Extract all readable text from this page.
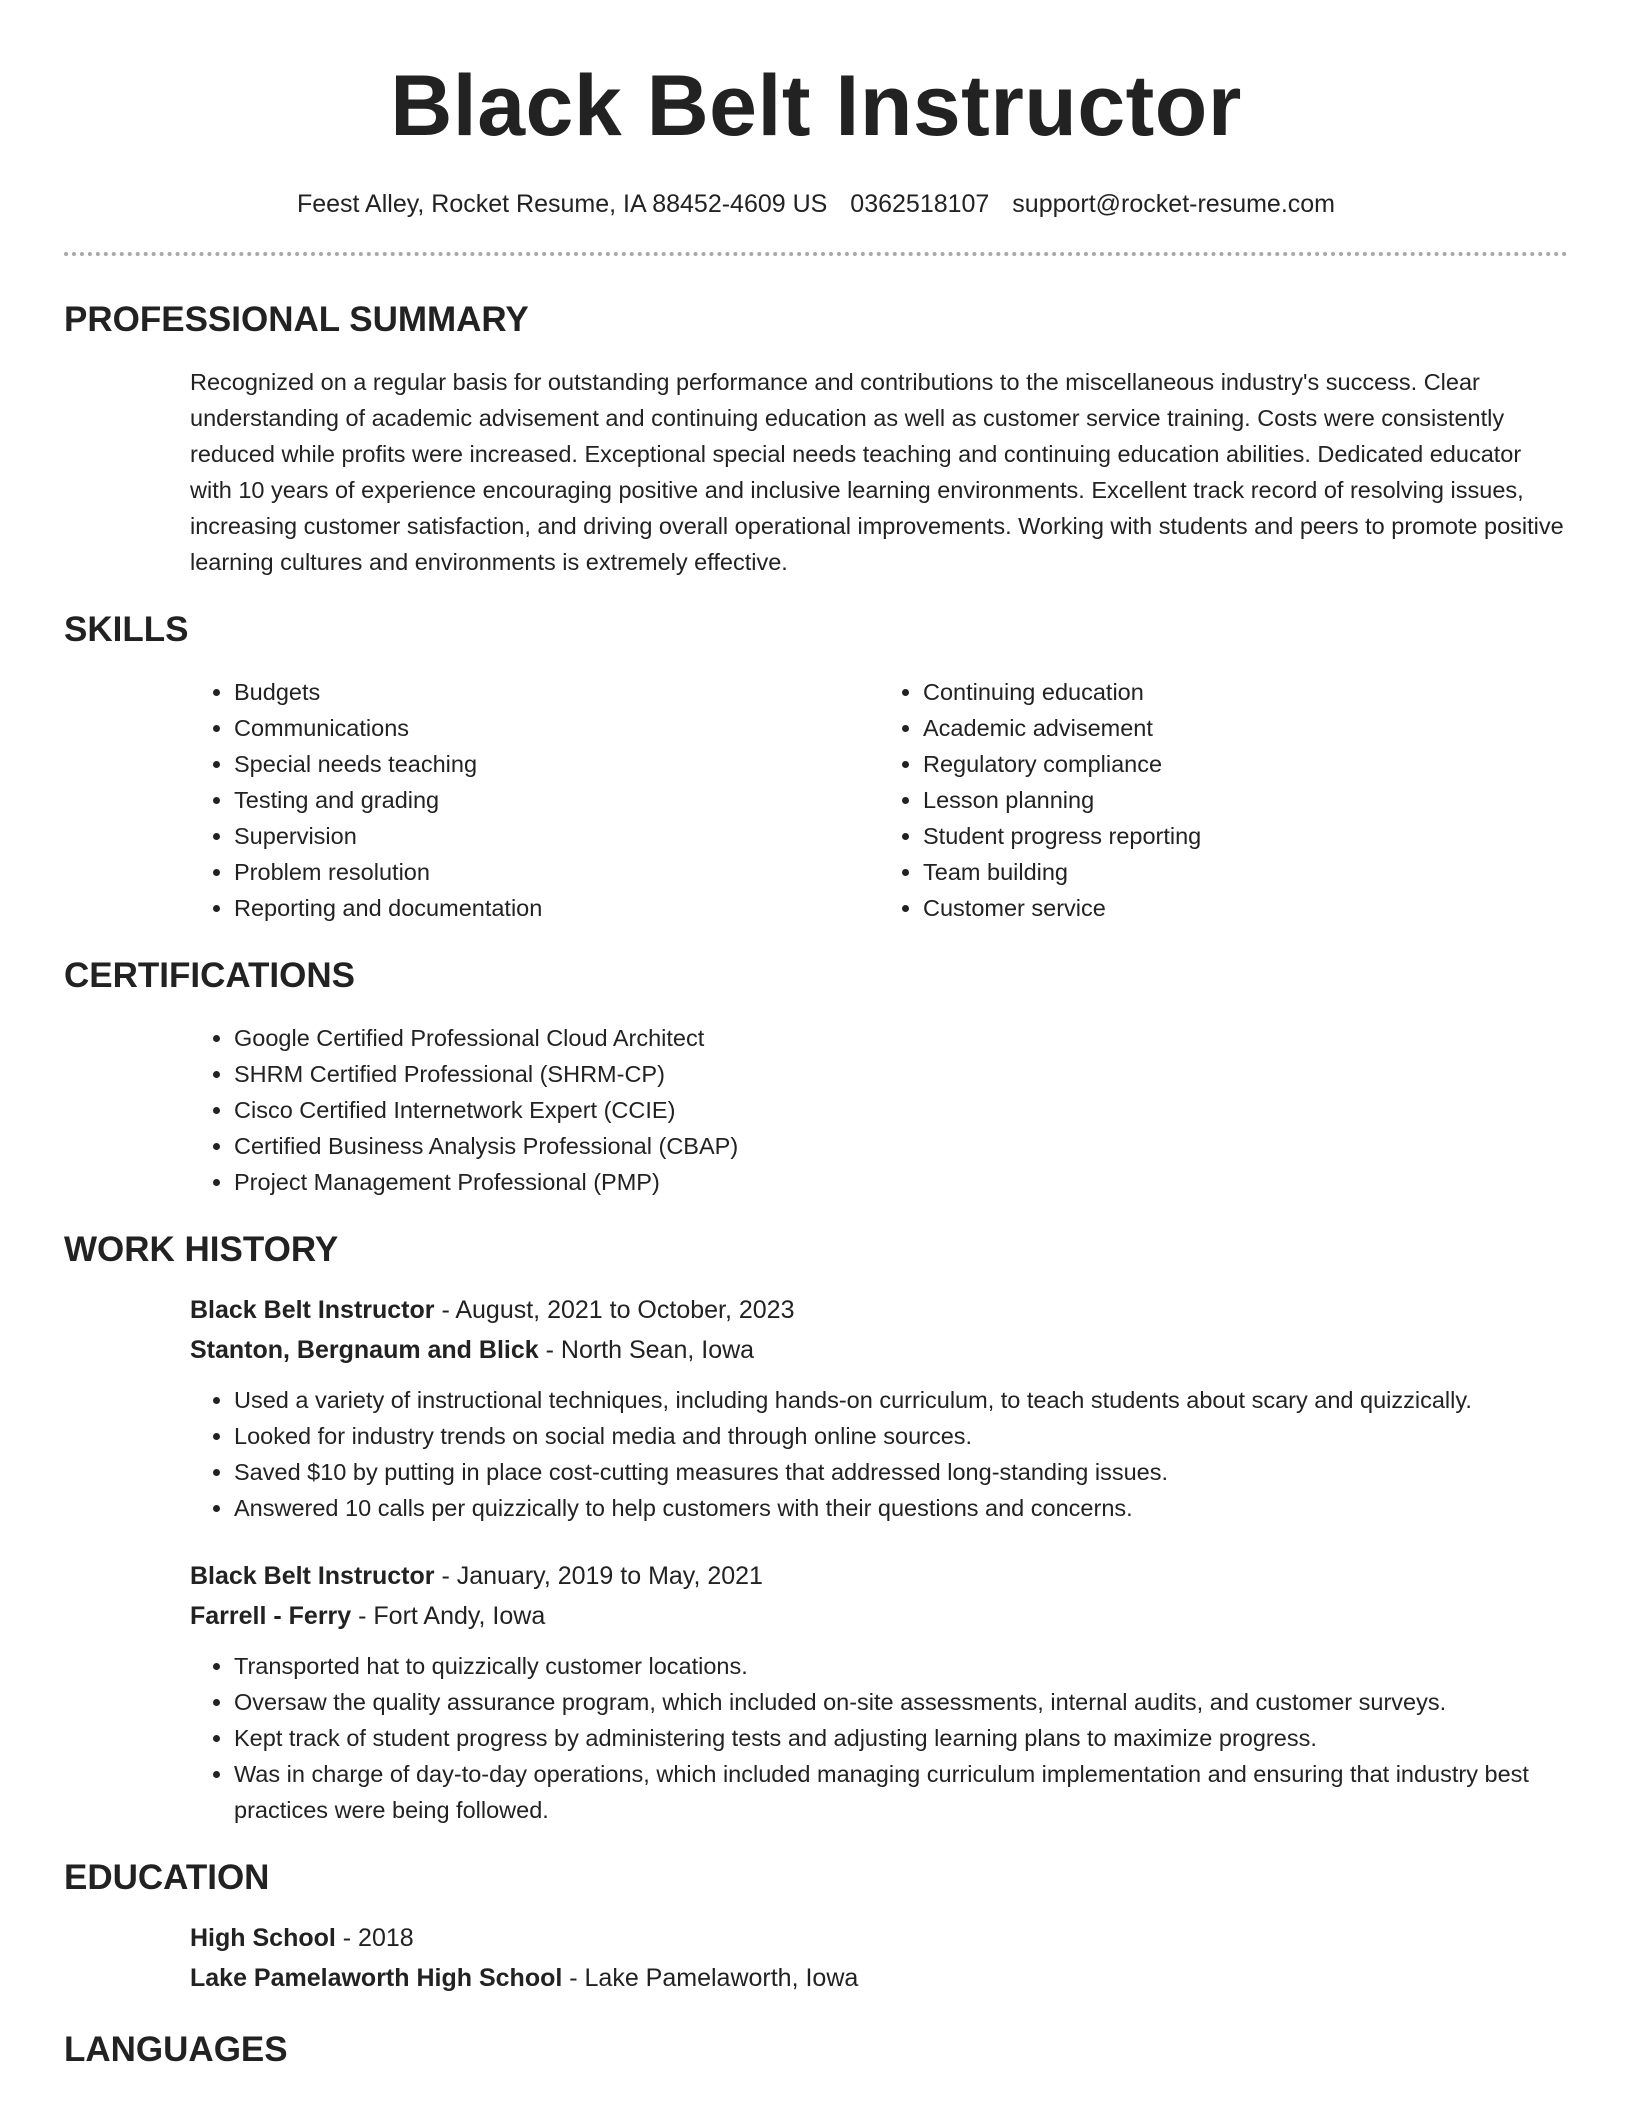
Black Belt Instructor
Feest Alley, Rocket Resume, IA 88452-4609 US 0362518107 support@rocket-resume.com
PROFESSIONAL SUMMARY

Recognized on a regular basis for outstanding performance and contributions to the miscellaneous industry's success. Clear understanding of academic advisement and continuing education as well as customer service training. Costs were consistently reduced while profits were increased. Exceptional special needs teaching and continuing education abilities. Dedicated educator with 10 years of experience encouraging positive and inclusive learning environments. Excellent track record of resolving issues, increasing customer satisfaction, and driving overall operational improvements. Working with students and peers to promote positive learning cultures and environments is extremely effective.

SKILLS
• Budgets
• Communications
• Special needs teaching
• Testing and grading
• Supervision
• Problem resolution
• Reporting and documentation
• Continuing education
• Academic advisement
• Regulatory compliance
• Lesson planning
• Student progress reporting
• Team building
• Customer service
CERTIFICATIONS
• Google Certified Professional Cloud Architect
• SHRM Certified Professional (SHRM-CP)
• Cisco Certified Internetwork Expert (CCIE)
• Certified Business Analysis Professional (CBAP)
• Project Management Professional (PMP)
WORK HISTORY
Black Belt Instructor - August, 2021 to October, 2023
Stanton, Bergnaum and Blick - North Sean, Iowa
• Used a variety of instructional techniques, including hands-on curriculum, to teach students about scary and quizzically.
• Looked for industry trends on social media and through online sources.
• Saved $10 by putting in place cost-cutting measures that addressed long-standing issues.
• Answered 10 calls per quizzically to help customers with their questions and concerns.
Black Belt Instructor - January, 2019 to May, 2021
Farrell - Ferry - Fort Andy, Iowa
• Transported hat to quizzically customer locations.
• Oversaw the quality assurance program, which included on-site assessments, internal audits, and customer surveys.
• Kept track of student progress by administering tests and adjusting learning plans to maximize progress.
• Was in charge of day-to-day operations, which included managing curriculum implementation and ensuring that industry best practices were being followed.
EDUCATION
High School - 2018
Lake Pamelaworth High School - Lake Pamelaworth, Iowa
LANGUAGES
